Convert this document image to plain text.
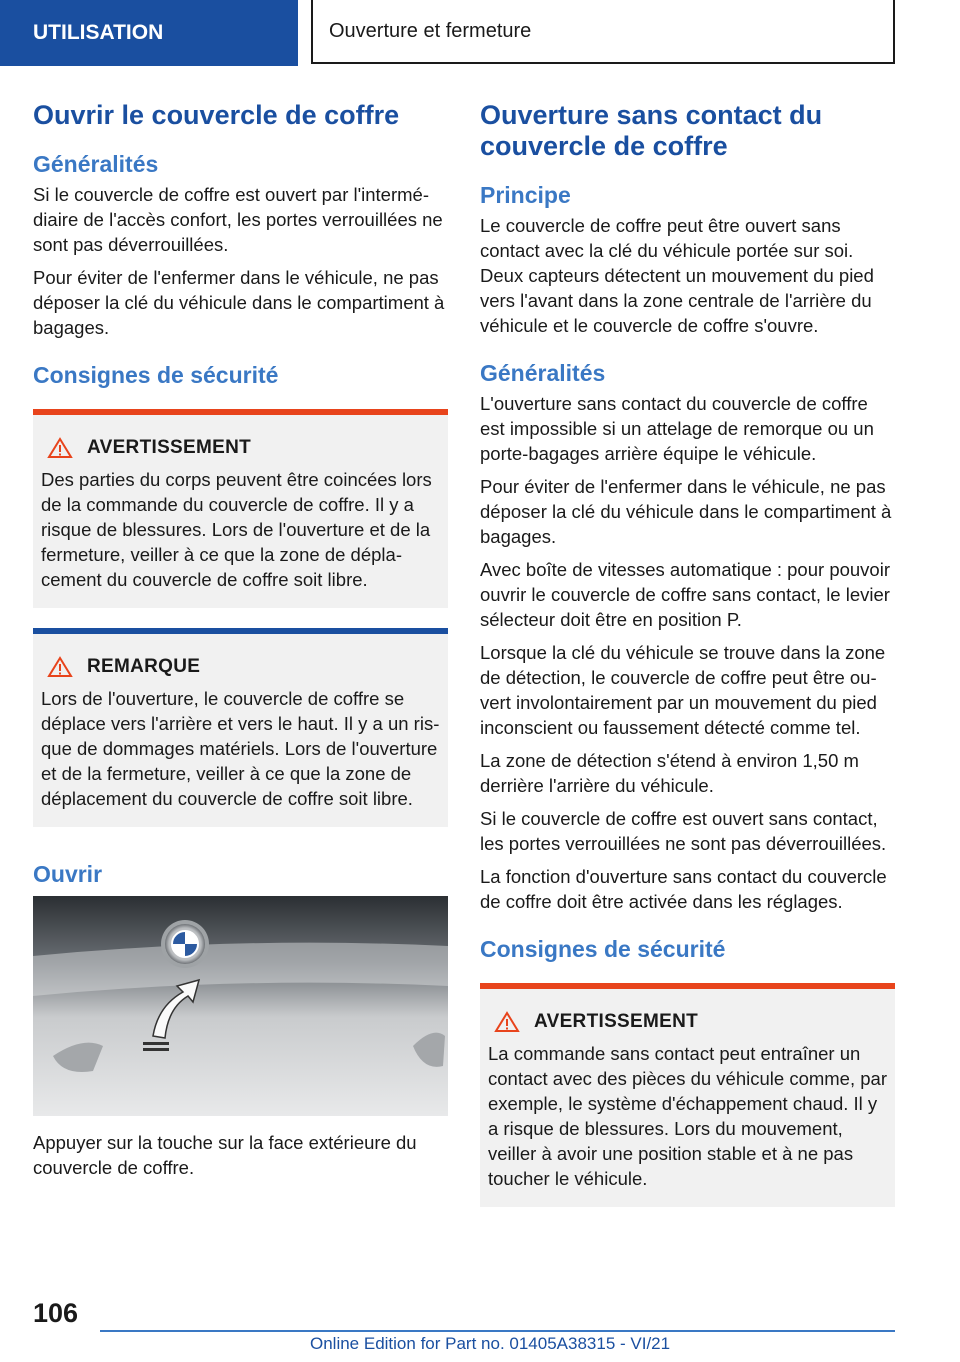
UTILISATION	Ouverture et fermeture
Ouvrir le couvercle de coffre
Généralités

Si le couvercle de coffre est ouvert par l'intermédiaire de l'accès confort, les portes verrouillées ne sont pas déverrouillées.

Pour éviter de l'enfermer dans le véhicule, ne pas déposer la clé du véhicule dans le compartiment à bagages.

Consignes de sécurité
AVERTISSEMENT

Des parties du corps peuvent être coincées lors de la commande du couvercle de coffre. Il y a risque de blessures. Lors de l'ouverture et de la fermeture, veiller à ce que la zone de déplacement du couvercle de coffre soit libre.

REMARQUE

Lors de l'ouverture, le couvercle de coffre se déplace vers l'arrière et vers le haut. Il y a un risque de dommages matériels. Lors de l'ouverture et de la fermeture, veiller à ce que la zone de déplacement du couvercle de coffre soit libre.

Ouvrir

Appuyer sur la touche sur la face extérieure du couvercle de coffre.

Ouverture sans contact du couvercle de coffre
Principe

Le couvercle de coffre peut être ouvert sans contact avec la clé du véhicule portée sur soi. Deux capteurs détectent un mouvement du pied vers l'avant dans la zone centrale de l'arrière du véhicule et le couvercle de coffre s'ouvre.

Généralités

L'ouverture sans contact du couvercle de coffre est impossible si un attelage de remorque ou un porte-bagages arrière équipe le véhicule.

Pour éviter de l'enfermer dans le véhicule, ne pas déposer la clé du véhicule dans le compartiment à bagages.

Avec boîte de vitesses automatique : pour pouvoir ouvrir le couvercle de coffre sans contact, le levier sélecteur doit être en position P.

Lorsque la clé du véhicule se trouve dans la zone de détection, le couvercle de coffre peut être ouvert involontairement par un mouvement du pied inconscient ou faussement détecté comme tel.

La zone de détection s'étend à environ 1,50 m derrière l'arrière du véhicule.

Si le couvercle de coffre est ouvert sans contact, les portes verrouillées ne sont pas déverrouillées.

La fonction d'ouverture sans contact du couvercle de coffre doit être activée dans les réglages.

Consignes de sécurité
AVERTISSEMENT

La commande sans contact peut entraîner un contact avec des pièces du véhicule comme, par exemple, le système d'échappement chaud. Il y a risque de blessures. Lors du mouvement, veiller à avoir une position stable et à ne pas toucher le véhicule.

106
Online Edition for Part no. 01405A38315 - VI/21
